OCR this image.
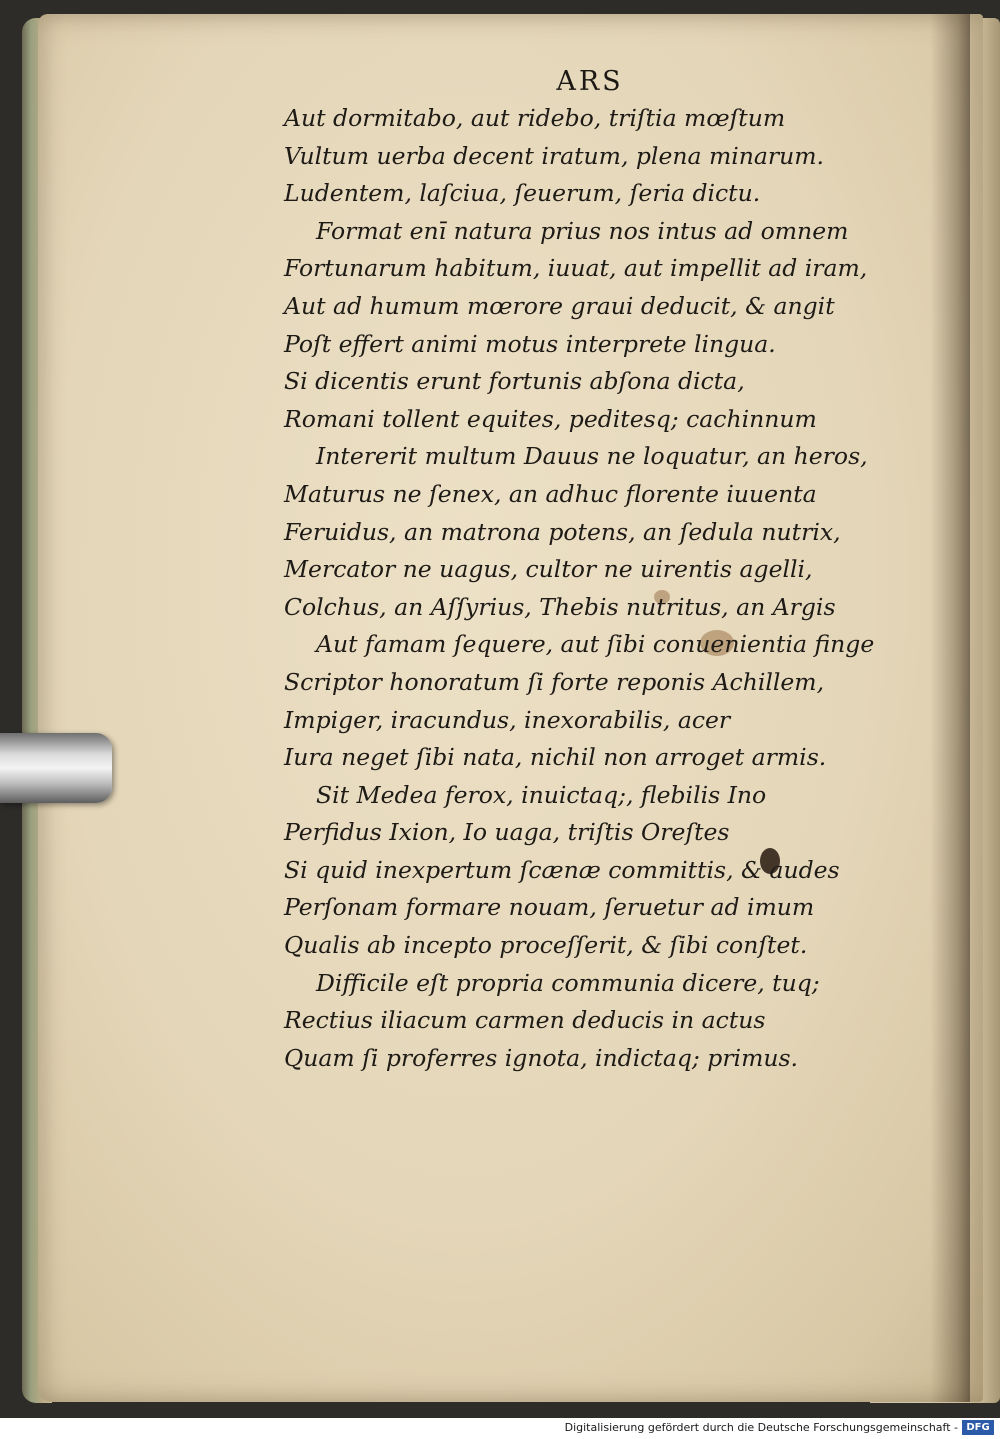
ARS
Aut dormitabo, aut ridebo, triſtia mœſtum
Vultum uerba decent iratum, plena minarum.
Ludentem, laſciua, ſeuerum, ſeria dictu.
Format enī natura prius nos intus ad omnem
Fortunarum habitum, iuuat, aut impellit ad iram,
Aut ad humum mœrore graui deducit, & angit
Poſt effert animi motus interprete lingua.
Si dicentis erunt fortunis abſona dicta,
Romani tollent equites, peditesq; cachinnum
Intererit multum Dauus ne loquatur, an heros,
Maturus ne ſenex, an adhuc florente iuuenta
Feruidus, an matrona potens, an ſedula nutrix,
Mercator ne uagus, cultor ne uirentis agelli,
Colchus, an Aſſyrius, Thebis nutritus, an Argis
Aut famam ſequere, aut ſibi conuenientia finge
Scriptor honoratum ſi forte reponis Achillem,
Impiger, iracundus, inexorabilis, acer
Iura neget ſibi nata, nichil non arroget armis.
Sit Medea ferox, inuictaq;, flebilis Ino
Perfidus Ixion, Io uaga, triſtis Oreſtes
Si quid inexpertum ſcænæ committis, & audes
Perſonam formare nouam, ſeruetur ad imum
Qualis ab incepto proceſſerit, & ſibi conſtet.
Difficile eſt propria communia dicere, tuq;
Rectius iliacum carmen deducis in actus
Quam ſi proferres ignota, indictaq; primus.
Digitalisierung gefördert durch die Deutsche Forschungsgemeinschaft - DFG
